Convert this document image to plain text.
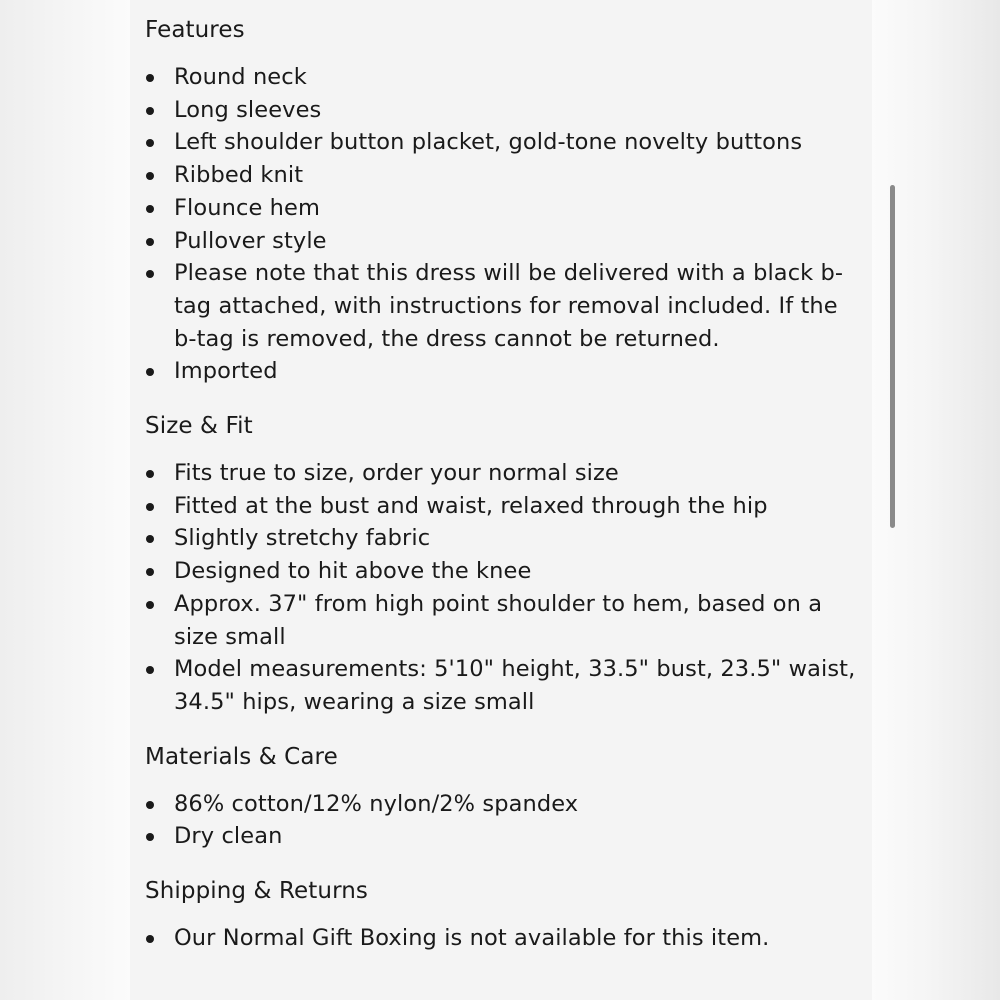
Features
Round neck
Long sleeves
Left shoulder button placket, gold-tone novelty buttons
Ribbed knit
Flounce hem
Pullover style
Please note that this dress will be delivered with a black b-tag attached, with instructions for removal included. If the b-tag is removed, the dress cannot be returned.
Imported
Size & Fit
Fits true to size, order your normal size
Fitted at the bust and waist, relaxed through the hip
Slightly stretchy fabric
Designed to hit above the knee
Approx. 37" from high point shoulder to hem, based on a size small
Model measurements: 5'10" height, 33.5" bust, 23.5" waist, 34.5" hips, wearing a size small
Materials & Care
86% cotton/12% nylon/2% spandex
Dry clean
Shipping & Returns
Our Normal Gift Boxing is not available for this item.
